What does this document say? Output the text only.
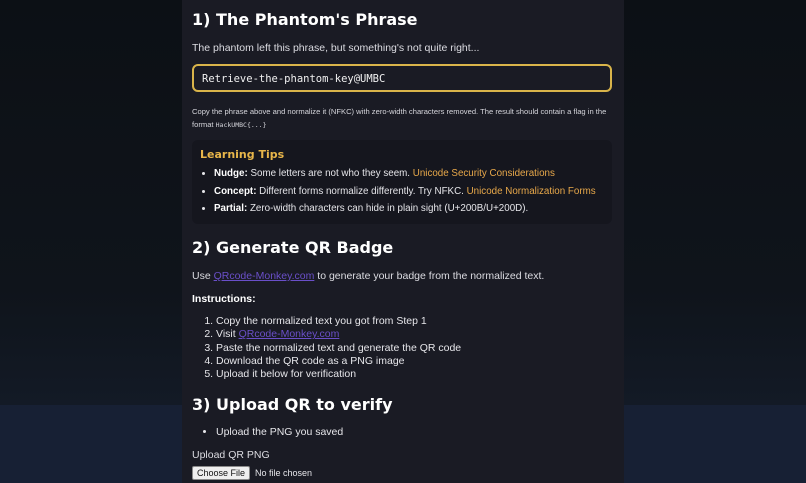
1) The Phantom's Phrase
The phantom left this phrase, but something's not quite right...
Retrieve-the-phantom-key@UMBC
Copy the phrase above and normalize it (NFKC) with zero-width characters removed. The result should contain a flag in the format HackUMBC{...}
Learning Tips
• Nudge: Some letters are not who they seem. Unicode Security Considerations
• Concept: Different forms normalize differently. Try NFKC. Unicode Normalization Forms
• Partial: Zero-width characters can hide in plain sight (U+200B/U+200D).
2) Generate QR Badge
Use QRcode-Monkey.com to generate your badge from the normalized text.
Instructions:
1. Copy the normalized text you got from Step 1
2. Visit QRcode-Monkey.com
3. Paste the normalized text and generate the QR code
4. Download the QR code as a PNG image
5. Upload it below for verification
3) Upload QR to verify
• Upload the PNG you saved
Upload QR PNG
Choose File	No file chosen
